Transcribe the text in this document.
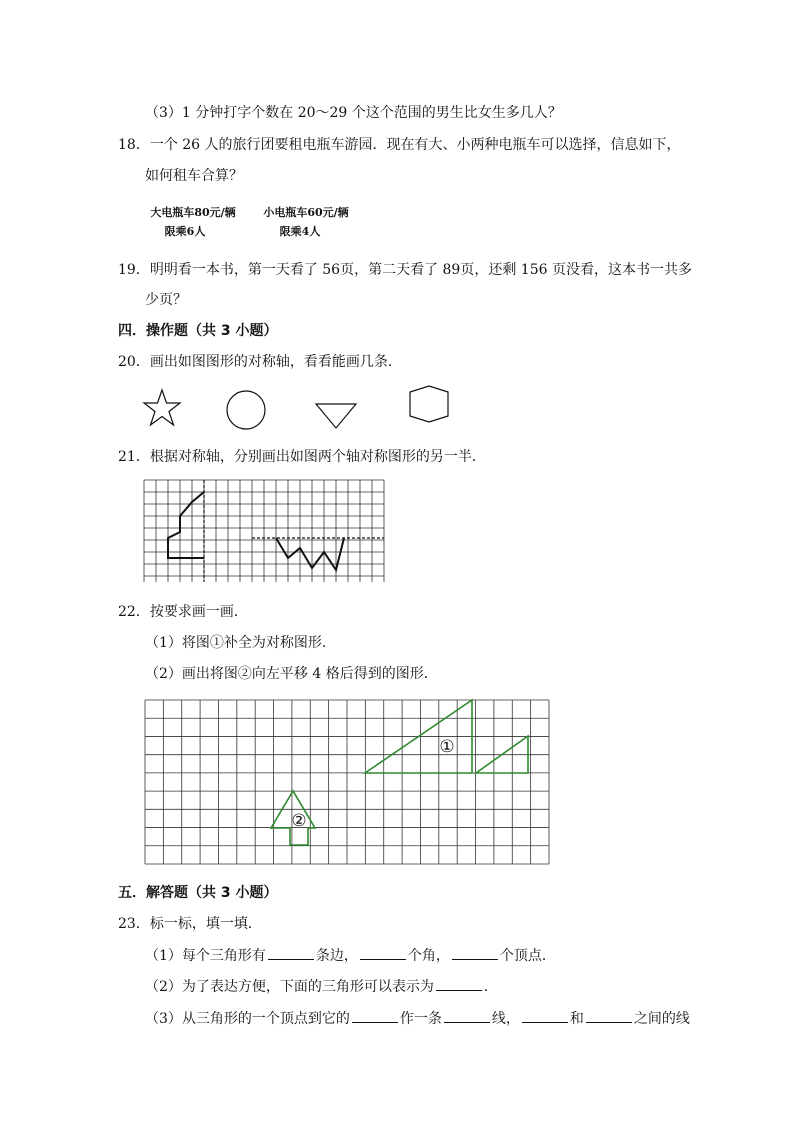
（3）1 分钟打字个数在 20～29 个这个范围的男生比女生多几人？
18．一个 26 人的旅行团要租电瓶车游园．现在有大、小两种电瓶车可以选择，信息如下，
如何租车合算？
大电瓶车80元/辆
限乘6人
小电瓶车60元/辆
限乘4人
19．明明看一本书，第一天看了 56页，第二天看了 89页，还剩 156 页没看，这本书一共多
少页？
四．操作题（共 3 小题）
20．画出如图图形的对称轴，看看能画几条．
21．根据对称轴，分别画出如图两个轴对称图形的另一半．
22．按要求画一画．
（1）将图①补全为对称图形．
（2）画出将图②向左平移 4 格后得到的图形．
①
②
五．解答题（共 3 小题）
23．标一标，填一填．
（1）每个三角形有	条边，	个角，	个顶点．
（2）为了表达方便，下面的三角形可以表示为	．
（3）从三角形的一个顶点到它的	作一条	线，	和	之间的线
